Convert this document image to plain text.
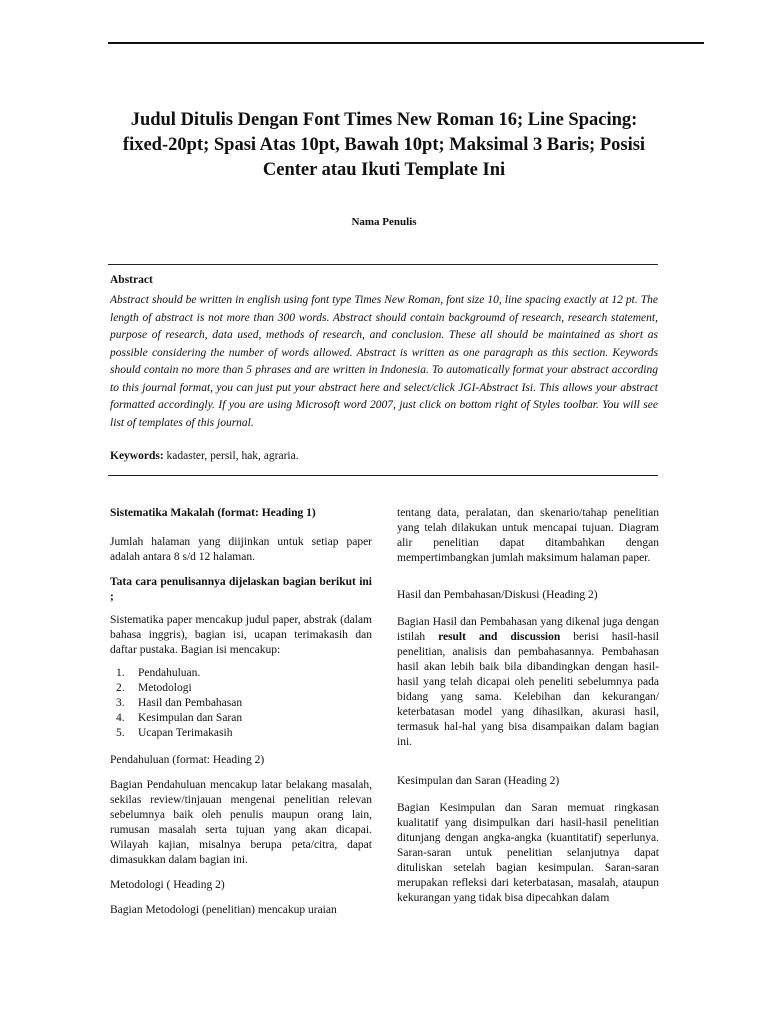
Judul Ditulis Dengan Font Times New Roman 16; Line Spacing: fixed-20pt; Spasi Atas 10pt, Bawah 10pt; Maksimal 3 Baris; Posisi Center atau Ikuti Template Ini
Nama Penulis
Abstract
Abstract should be written in english using font type Times New Roman, font size 10, line spacing exactly at 12 pt. The length of abstract is not more than 300 words. Abstract should contain backgroumd of research, research statement, purpose of research, data used, methods of research, and conclusion. These all should be maintained as short as possible considering the number of words allowed. Abstract is written as one paragraph as this section. Keywords should contain no more than 5 phrases and are written in Indonesia. To automatically format your abstract according to this journal format, you can just put your abstract here and select/click JGI-Abstract Isi. This allows your abstract formatted accordingly. If you are using Microsoft word 2007, just click on bottom right of Styles toolbar. You will see list of templates of this journal.
Keywords: kadaster, persil, hak, agraria.
Sistematika Makalah (format: Heading 1)

Jumlah halaman yang diijinkan untuk setiap paper adalah antara 8 s/d 12 halaman.

Tata cara penulisannya dijelaskan bagian berikut ini ;

Sistematika paper mencakup judul paper, abstrak (dalam bahasa inggris), bagian isi, ucapan terimakasih dan daftar pustaka. Bagian isi mencakup:

1.	Pendahuluan.
2.	Metodologi
3.	Hasil dan Pembahasan
4.	Kesimpulan dan Saran
5.	Ucapan Terimakasih
Pendahuluan (format: Heading 2)

Bagian Pendahuluan mencakup latar belakang masalah, sekilas review/tinjauan mengenai penelitian relevan sebelumnya baik oleh penulis maupun orang lain, rumusan masalah serta tujuan yang akan dicapai. Wilayah kajian, misalnya berupa peta/citra, dapat dimasukkan dalam bagian ini.

Metodologi ( Heading 2)

Bagian Metodologi (penelitian) mencakup uraian

tentang data, peralatan, dan skenario/tahap penelitian yang telah dilakukan untuk mencapai tujuan. Diagram alir penelitian dapat ditambahkan dengan mempertimbangkan jumlah maksimum halaman paper.

Hasil dan Pembahasan/Diskusi (Heading 2)

Bagian Hasil dan Pembahasan yang dikenal juga dengan istilah result and discussion berisi hasil-hasil penelitian, analisis dan pembahasannya. Pembahasan hasil akan lebih baik bila dibandingkan dengan hasil- hasil yang telah dicapai oleh peneliti sebelumnya pada bidang yang sama. Kelebihan dan kekurangan/ keterbatasan model yang dihasilkan, akurasi hasil, termasuk hal-hal yang bisa disampaikan dalam bagian ini.

Kesimpulan dan Saran (Heading 2)

Bagian Kesimpulan dan Saran memuat ringkasan kualitatif yang disimpulkan dari hasil-hasil penelitian ditunjang dengan angka-angka (kuantitatif) seperlunya. Saran-saran untuk penelitian selanjutnya dapat dituliskan setelah bagian kesimpulan. Saran-saran merupakan refleksi dari keterbatasan, masalah, ataupun kekurangan yang tidak bisa dipecahkan dalam
